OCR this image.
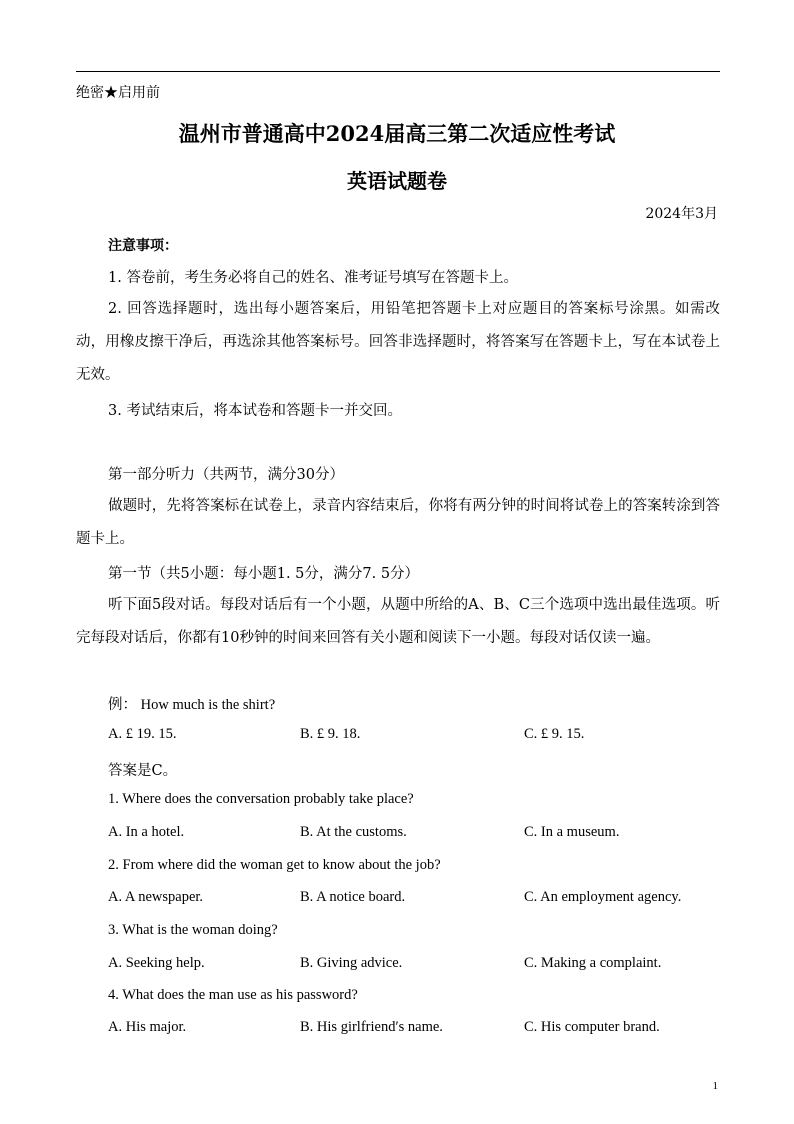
绝密★启用前
温州市普通高中2024届高三第二次适应性考试
英语试题卷
2024年3月
注意事项：
1. 答卷前，考生务必将自己的姓名、准考证号填写在答题卡上。
2. 回答选择题时，选出每小题答案后，用铅笔把答题卡上对应题目的答案标号涂黑。如需改动，用橡皮擦干净后，再选涂其他答案标号。回答非选择题时，将答案写在答题卡上，写在本试卷上无效。
3. 考试结束后，将本试卷和答题卡一并交回。
第一部分听力（共两节，满分30分）
做题时，先将答案标在试卷上，录音内容结束后，你将有两分钟的时间将试卷上的答案转涂到答题卡上。
第一节（共5小题：每小题1. 5分，满分7. 5分）
听下面5段对话。每段对话后有一个小题，从题中所给的A、B、C三个选项中选出最佳选项。听完每段对话后，你都有10秒钟的时间来回答有关小题和阅读下一小题。每段对话仅读一遍。
例： How much is the shirt?
A. £ 19. 15.	B. £ 9. 18.	C. £ 9. 15.
答案是C。
1. Where does the conversation probably take place?
A. In a hotel.	B. At the customs.	C. In a museum.
2. From where did the woman get to know about the job?
A. A newspaper.	B. A notice board.	C. An employment agency.
3. What is the woman doing?
A. Seeking help.	B. Giving advice.	C. Making a complaint.
4. What does the man use as his password?
A. His major.	B. His girlfriend′s name.	C. His computer brand.
1
